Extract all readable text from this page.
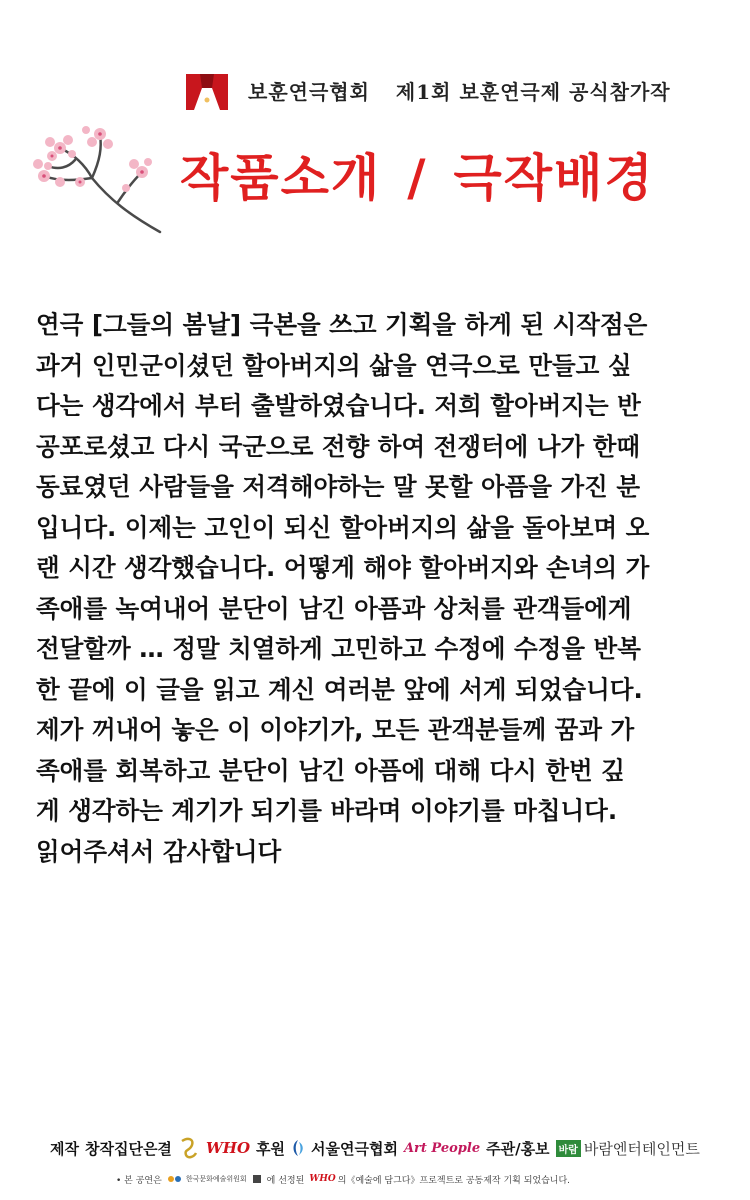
보훈연극협회 제1회 보훈연극제 공식참가작
작품소개 / 극작배경
연극 [그들의 봄날] 극본을 쓰고 기획을 하게 된 시작점은
과거 인민군이셨던 할아버지의 삶을 연극으로 만들고 싶
다는 생각에서 부터 출발하였습니다. 저희 할아버지는 반
공포로셨고 다시 국군으로 전향 하여 전쟁터에 나가 한때
동료였던 사람들을 저격해야하는 말 못할 아픔을 가진 분
입니다. 이제는 고인이 되신 할아버지의 삶을 돌아보며 오
랜 시간 생각했습니다. 어떻게 해야 할아버지와 손녀의 가
족애를 녹여내어 분단이 남긴 아픔과 상처를 관객들에게
전달할까 … 정말 치열하게 고민하고 수정에 수정을 반복
한 끝에 이 글을 읽고 계신 여러분 앞에 서게 되었습니다.
제가 꺼내어 놓은 이 이야기가, 모든 관객분들께 꿈과 가
족애를 회복하고 분단이 남긴 아픔에 대해 다시 한번 깊
게 생각하는 계기가 되기를 바라며 이야기를 마칩니다.
읽어주셔서 감사합니다
제작 창작집단은결 WHO 후원 서울연극협회 Art People 주관/홍보 바람 바람엔터테인먼트
• 본 공연은	한국문화예술위원회 에 선정된 WHO 의《예술에 담그다》프로젝트로 공동제작 기획 되었습니다.
